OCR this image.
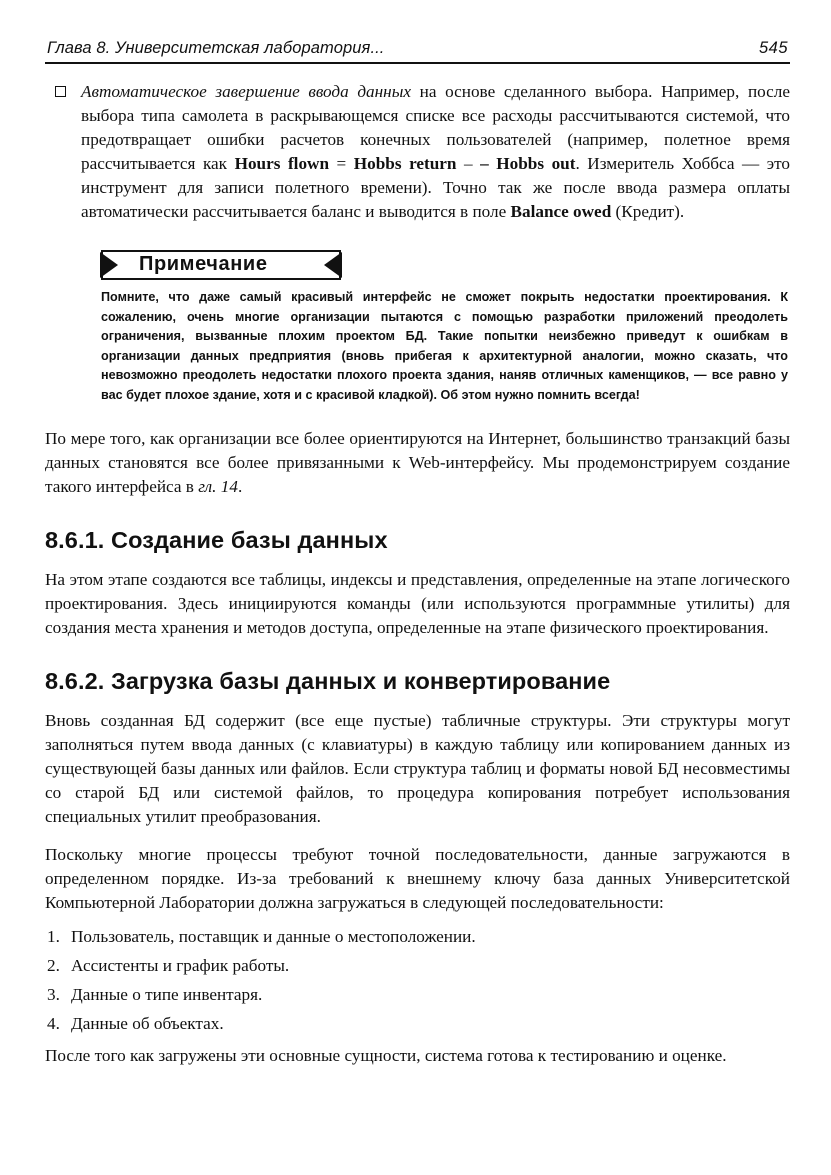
Глава 8. Университетская лаборатория...	545

Автоматическое завершение ввода данных на основе сделанного выбора. Например, после выбора типа самолета в раскрывающемся списке все расходы рассчитываются системой, что предотвращает ошибки расчетов конечных пользователей (например, полетное время рассчитывается как Hours flown = Hobbs return – – Hobbs out. Измеритель Хоббса — это инструмент для записи полетного времени). Точно так же после ввода размера оплаты автоматически рассчитывается баланс и выводится в поле Balance owed (Кредит).

Примечание
Помните, что даже самый красивый интерфейс не сможет покрыть недостатки проектирования. К сожалению, очень многие организации пытаются с помощью разработки приложений преодолеть ограничения, вызванные плохим проектом БД. Такие попытки неизбежно приведут к ошибкам в организации данных предприятия (вновь прибегая к архитектурной аналогии, можно сказать, что невозможно преодолеть недостатки плохого проекта здания, наняв отличных каменщиков, — все равно у вас будет плохое здание, хотя и с красивой кладкой). Об этом нужно помнить всегда!

По мере того, как организации все более ориентируются на Интернет, большинство транзакций базы данных становятся все более привязанными к Web-интерфейсу. Мы продемонстрируем создание такого интерфейса в гл. 14.

8.6.1. Создание базы данных

На этом этапе создаются все таблицы, индексы и представления, определенные на этапе логического проектирования. Здесь инициируются команды (или используются программные утилиты) для создания места хранения и методов доступа, определенные на этапе физического проектирования.

8.6.2. Загрузка базы данных и конвертирование

Вновь созданная БД содержит (все еще пустые) табличные структуры. Эти структуры могут заполняться путем ввода данных (с клавиатуры) в каждую таблицу или копированием данных из существующей базы данных или файлов. Если структура таблиц и форматы новой БД несовместимы со старой БД или системой файлов, то процедура копирования потребует использования специальных утилит преобразования.

Поскольку многие процессы требуют точной последовательности, данные загружаются в определенном порядке. Из-за требований к внешнему ключу база данных Университетской Компьютерной Лаборатории должна загружаться в следующей последовательности:

1. Пользователь, поставщик и данные о местоположении.
2. Ассистенты и график работы.
3. Данные о типе инвентаря.
4. Данные об объектах.

После того как загружены эти основные сущности, система готова к тестированию и оценке.
